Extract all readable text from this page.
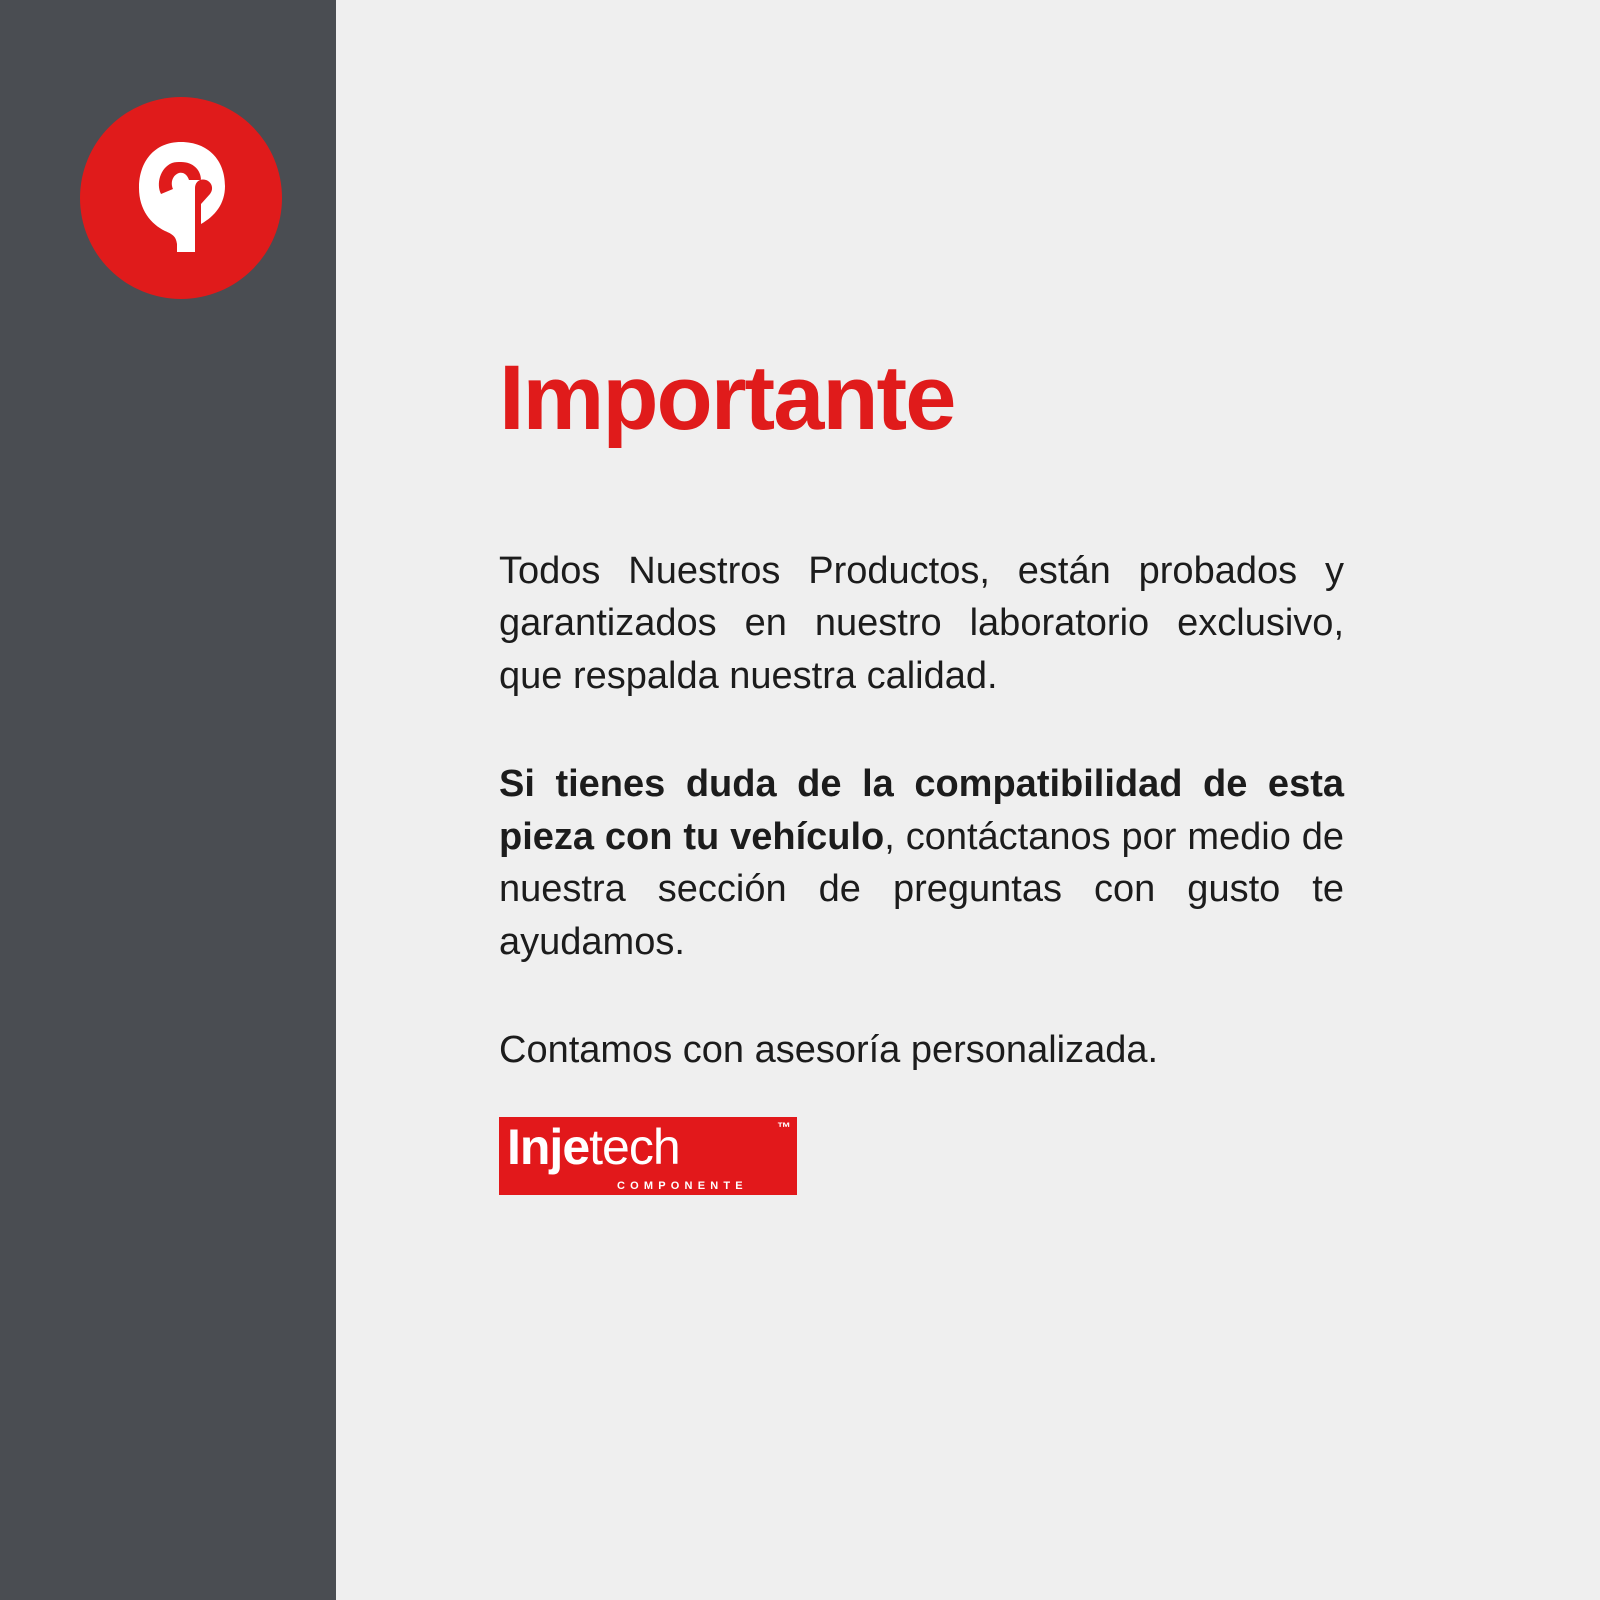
Importante

Todos Nuestros Productos, están probados y garantizados en nuestro laboratorio exclusivo, que respalda nuestra calidad.

Si tienes duda de la compatibilidad de esta pieza con tu vehículo, contáctanos por medio de nuestra sección de preguntas con gusto te ayudamos.

Contamos con asesoría personalizada.

Injetech	™
COMPONENTE
